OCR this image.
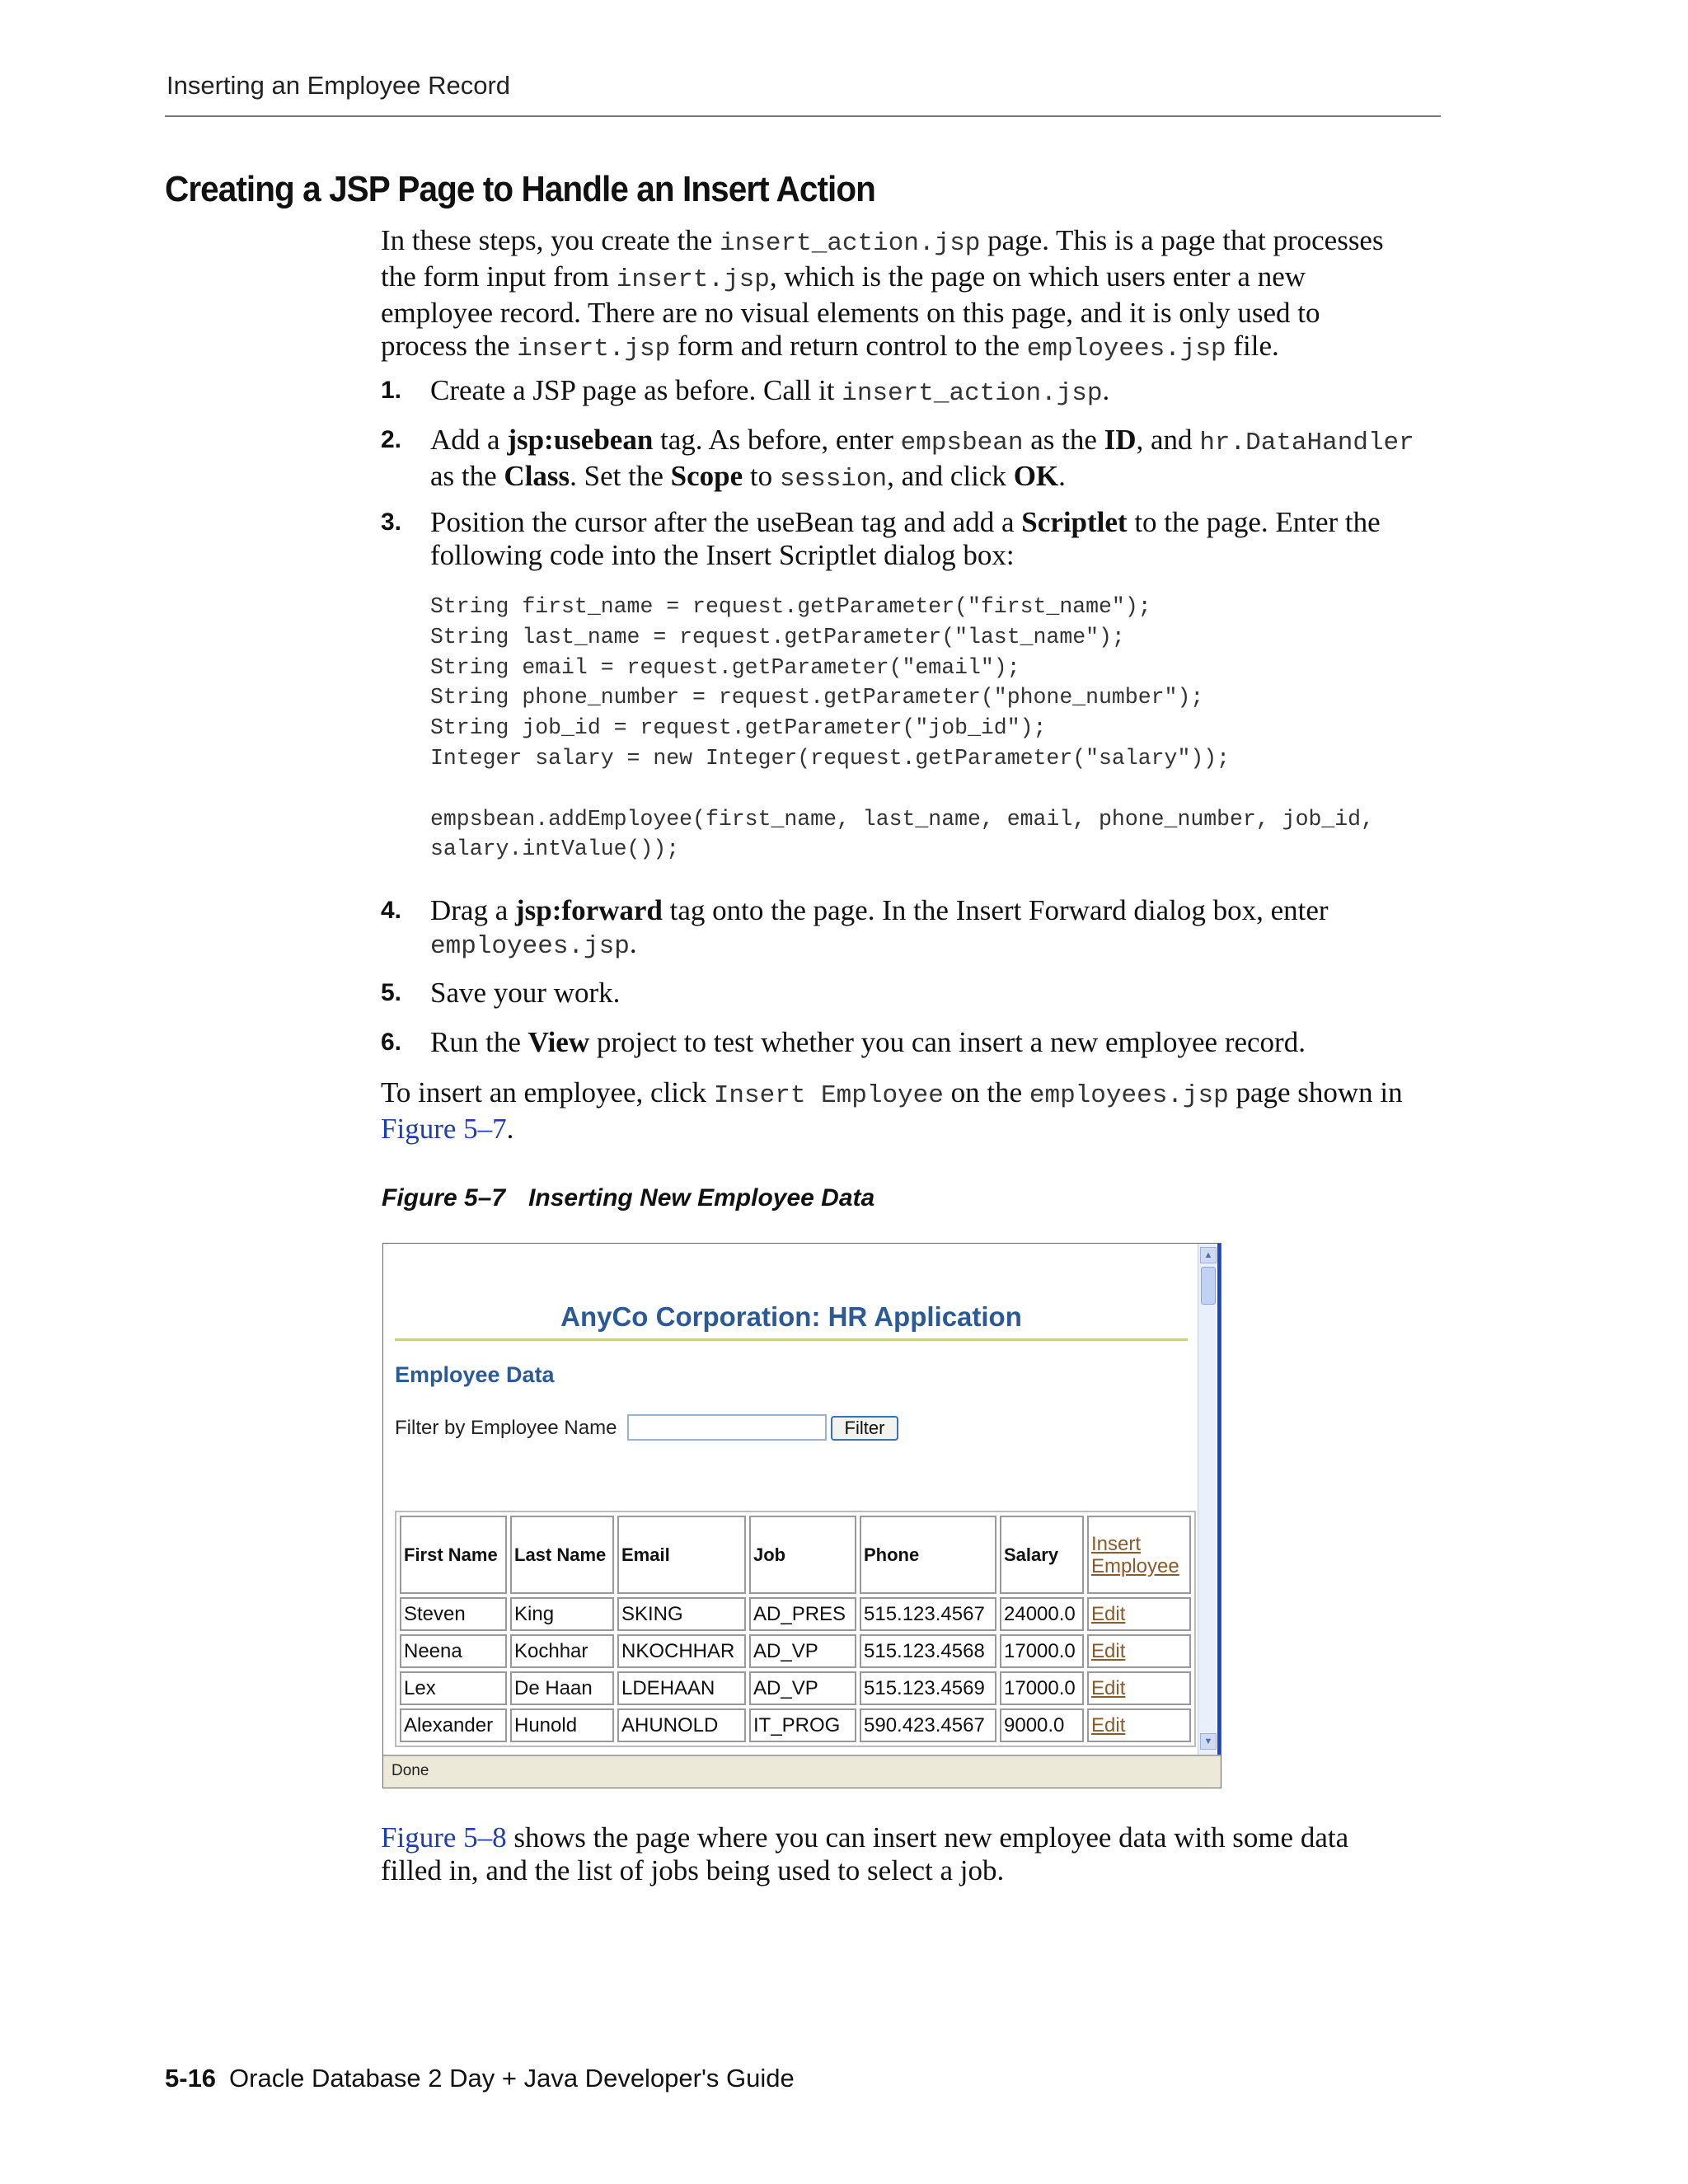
Inserting an Employee Record
Creating a JSP Page to Handle an Insert Action

In these steps, you create the insert_action.jsp page. This is a page that processes

the form input from insert.jsp, which is the page on which users enter a new

employee record. There are no visual elements on this page, and it is only used to

process the insert.jsp form and return control to the employees.jsp file.

1. Create a JSP page as before. Call it insert_action.jsp.
2. Add a jsp:usebean tag. As before, enter empsbean as the ID, and hr.DataHandler
as the Class. Set the Scope to session, and click OK.
3. Position the cursor after the useBean tag and add a Scriptlet to the page. Enter the
following code into the Insert Scriptlet dialog box:
String first_name = request.getParameter("first_name");
String last_name = request.getParameter("last_name");
String email = request.getParameter("email");
String phone_number = request.getParameter("phone_number");
String job_id = request.getParameter("job_id");
Integer salary = new Integer(request.getParameter("salary"));

empsbean.addEmployee(first_name, last_name, email, phone_number, job_id,
salary.intValue());
4. Drag a jsp:forward tag onto the page. In the Insert Forward dialog box, enter
employees.jsp.
5. Save your work.
6. Run the View project to test whether you can insert a new employee record.

To insert an employee, click Insert Employee on the employees.jsp page shown in

Figure 5–7.

Figure 5–7 Inserting New Employee Data
▲
▼
AnyCo Corporation: HR Application
Employee Data
Filter by Employee Name	Filter
First Name	Last Name	Email	Job	Phone	Salary	Insert
Employee

Steven	King	SKING	AD_PRES	515.123.4567	24000.0	Edit
Neena	Kochhar	NKOCHHAR	AD_VP	515.123.4568	17000.0	Edit
Lex	De Haan	LDEHAAN	AD_VP	515.123.4569	17000.0	Edit
Alexander	Hunold	AHUNOLD	IT_PROG	590.423.4567	9000.0	Edit
Done

Figure 5–8 shows the page where you can insert new employee data with some data

filled in, and the list of jobs being used to select a job.

5-16 Oracle Database 2 Day + Java Developer's Guide
